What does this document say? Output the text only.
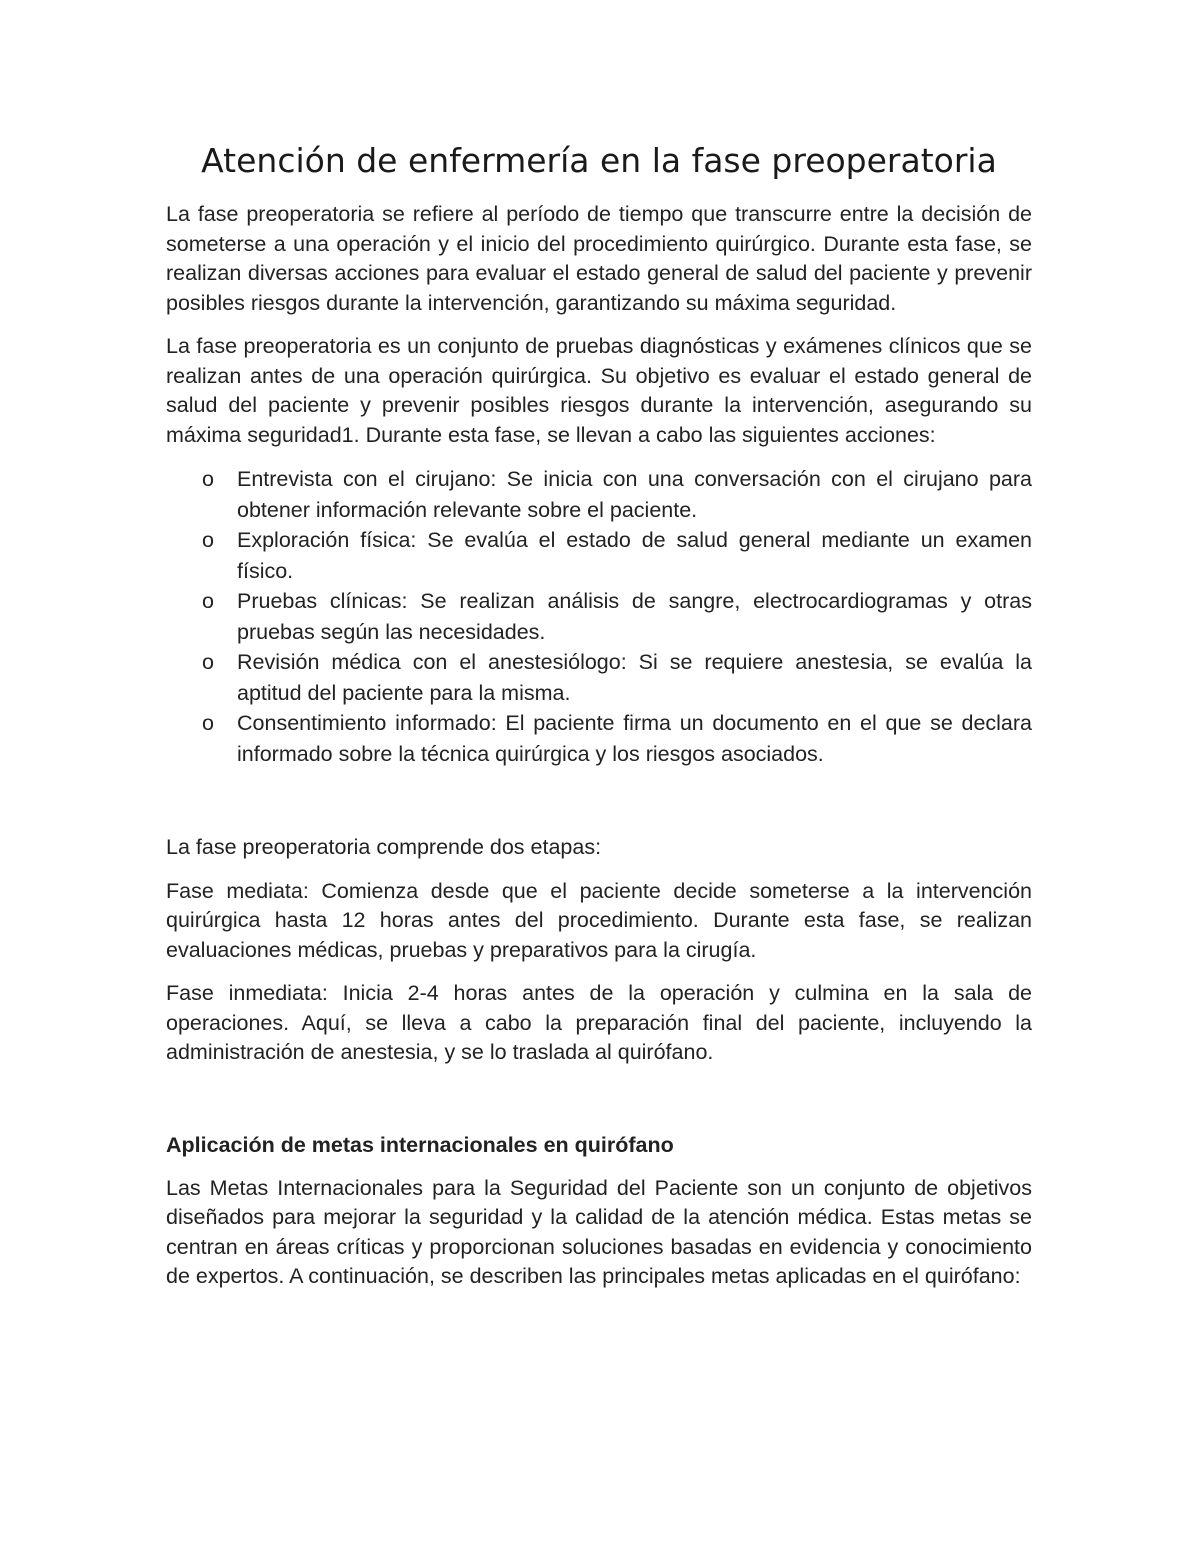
Atención de enfermería en la fase preoperatoria

La fase preoperatoria se refiere al período de tiempo que transcurre entre la decisión de someterse a una operación y el inicio del procedimiento quirúrgico. Durante esta fase, se realizan diversas acciones para evaluar el estado general de salud del paciente y prevenir posibles riesgos durante la intervención, garantizando su máxima seguridad.

La fase preoperatoria es un conjunto de pruebas diagnósticas y exámenes clínicos que se realizan antes de una operación quirúrgica. Su objetivo es evaluar el estado general de salud del paciente y prevenir posibles riesgos durante la intervención, asegurando su máxima seguridad1. Durante esta fase, se llevan a cabo las siguientes acciones:

o Entrevista con el cirujano: Se inicia con una conversación con el cirujano para obtener información relevante sobre el paciente.
o Exploración física: Se evalúa el estado de salud general mediante un examen físico.
o Pruebas clínicas: Se realizan análisis de sangre, electrocardiogramas y otras pruebas según las necesidades.
o Revisión médica con el anestesiólogo: Si se requiere anestesia, se evalúa la aptitud del paciente para la misma.
o Consentimiento informado: El paciente firma un documento en el que se declara informado sobre la técnica quirúrgica y los riesgos asociados.

La fase preoperatoria comprende dos etapas:

Fase mediata: Comienza desde que el paciente decide someterse a la intervención quirúrgica hasta 12 horas antes del procedimiento. Durante esta fase, se realizan evaluaciones médicas, pruebas y preparativos para la cirugía.

Fase inmediata: Inicia 2-4 horas antes de la operación y culmina en la sala de operaciones. Aquí, se lleva a cabo la preparación final del paciente, incluyendo la administración de anestesia, y se lo traslada al quirófano.

Aplicación de metas internacionales en quirófano

Las Metas Internacionales para la Seguridad del Paciente son un conjunto de objetivos diseñados para mejorar la seguridad y la calidad de la atención médica. Estas metas se centran en áreas críticas y proporcionan soluciones basadas en evidencia y conocimiento de expertos. A continuación, se describen las principales metas aplicadas en el quirófano:
